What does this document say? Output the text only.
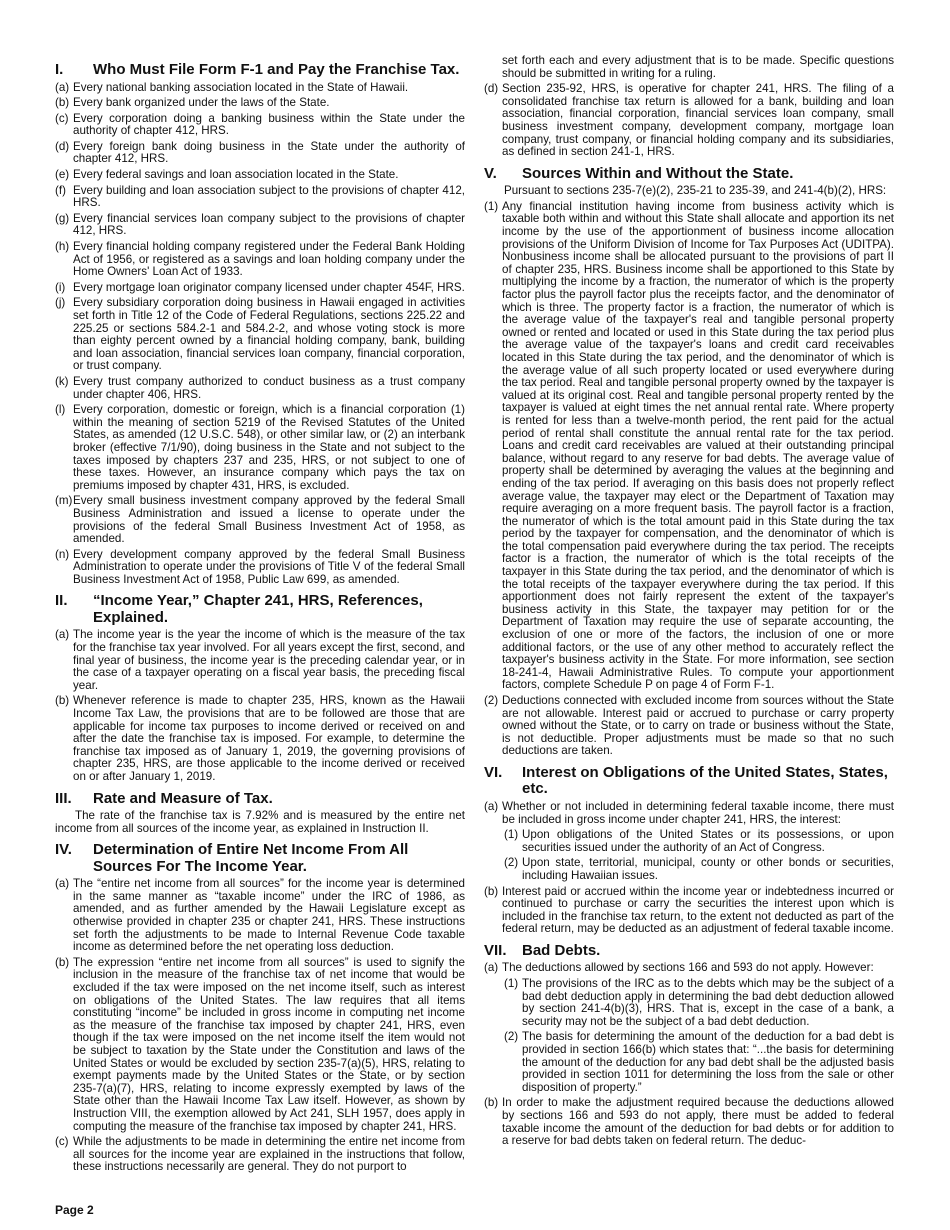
I.	Who Must File Form F-1 and Pay the Franchise Tax.
(a) Every national banking association located in the State of Hawaii.
(b) Every bank organized under the laws of the State.
(c) Every corporation doing a banking business within the State under the authority of chapter 412, HRS.
(d) Every foreign bank doing business in the State under the authority of chapter 412, HRS.
(e) Every federal savings and loan association located in the State.
(f) Every building and loan association subject to the provisions of chapter 412, HRS.
(g) Every financial services loan company subject to the provisions of chapter 412, HRS.
(h) Every financial holding company registered under the Federal Bank Holding Act of 1956, or registered as a savings and loan holding company under the Home Owners' Loan Act of 1933.
(i) Every mortgage loan originator company licensed under chapter 454F, HRS.
(j) Every subsidiary corporation doing business in Hawaii engaged in activities set forth in Title 12 of the Code of Federal Regulations, sections 225.22 and 225.25 or sections 584.2-1 and 584.2-2, and whose voting stock is more than eighty percent owned by a financial holding company, bank, building and loan association, financial services loan company, financial corporation, or trust company.
(k) Every trust company authorized to conduct business as a trust company under chapter 406, HRS.
(l) Every corporation, domestic or foreign, which is a financial corporation (1) within the meaning of section 5219 of the Revised Statutes of the United States, as amended (12 U.S.C. 548), or other similar law, or (2) an interbank broker (effective 7/1/90), doing business in the State and not subject to the taxes imposed by chapters 237 and 235, HRS, or not subject to one of these taxes. However, an insurance company which pays the tax on premiums imposed by chapter 431, HRS, is excluded.
(m) Every small business investment company approved by the federal Small Business Administration and issued a license to operate under the provisions of the federal Small Business Investment Act of 1958, as amended.
(n) Every development company approved by the federal Small Business Administration to operate under the provisions of Title V of the federal Small Business Investment Act of 1958, Public Law 699, as amended.
II.	“Income Year,” Chapter 241, HRS, References, Explained.
(a) The income year is the year the income of which is the measure of the tax for the franchise tax year involved. For all years except the first, second, and final year of business, the income year is the preceding calendar year, or in the case of a taxpayer operating on a fiscal year basis, the preceding fiscal year.
(b) Whenever reference is made to chapter 235, HRS, known as the Hawaii Income Tax Law, the provisions that are to be followed are those that are applicable for income tax purposes to income derived or received on and after the date the franchise tax is imposed. For example, to determine the franchise tax imposed as of January 1, 2019, the governing provisions of chapter 235, HRS, are those applicable to the income derived or received on or after January 1, 2019.
III.	Rate and Measure of Tax.

The rate of the franchise tax is 7.92% and is measured by the entire net income from all sources of the income year, as explained in Instruction II.

IV.	Determination of Entire Net Income From All Sources For The Income Year.
(a) The “entire net income from all sources” for the income year is determined in the same manner as “taxable income” under the IRC of 1986, as amended, and as further amended by the Hawaii Legislature except as otherwise provided in chapter 235 or chapter 241, HRS. These instructions set forth the adjustments to be made to Internal Revenue Code taxable income as determined before the net operating loss deduction.
(b) The expression “entire net income from all sources” is used to signify the inclusion in the measure of the franchise tax of net income that would be excluded if the tax were imposed on the net income itself, such as interest on obligations of the United States. The law requires that all items constituting “income” be included in gross income in computing net income as the measure of the franchise tax imposed by chapter 241, HRS, even though if the tax were imposed on the net income itself the item would not be subject to taxation by the State under the Constitution and laws of the United States or would be excluded by section 235-7(a)(5), HRS, relating to exempt payments made by the United States or the State, or by section 235-7(a)(7), HRS, relating to income expressly exempted by laws of the State other than the Hawaii Income Tax Law itself. However, as shown by Instruction VIII, the exemption allowed by Act 241, SLH 1957, does apply in computing the measure of the franchise tax imposed by chapter 241, HRS.
(c) While the adjustments to be made in determining the entire net income from all sources for the income year are explained in the instructions that follow, these instructions necessarily are general. They do not purport to

set forth each and every adjustment that is to be made. Specific questions should be submitted in writing for a ruling.

(d) Section 235-92, HRS, is operative for chapter 241, HRS. The filing of a consolidated franchise tax return is allowed for a bank, building and loan association, financial corporation, financial services loan company, small business investment company, development company, mortgage loan company, trust company, or financial holding company and its subsidiaries, as defined in section 241-1, HRS.
V.	Sources Within and Without the State.

Pursuant to sections 235-7(e)(2), 235-21 to 235-39, and 241-4(b)(2), HRS:

(1) Any financial institution having income from business activity which is taxable both within and without this State shall allocate and apportion its net income by the use of the apportionment of business income allocation provisions of the Uniform Division of Income for Tax Purposes Act (UDITPA). Nonbusiness income shall be allocated pursuant to the provisions of part II of chapter 235, HRS. Business income shall be apportioned to this State by multiplying the income by a fraction, the numerator of which is the property factor plus the payroll factor plus the receipts factor, and the denominator of which is three. The property factor is a fraction, the numerator of which is the average value of the taxpayer's real and tangible personal property owned or rented and located or used in this State during the tax period plus the average value of the taxpayer's loans and credit card receivables located in this State during the tax period, and the denominator of which is the average value of all such property located or used everywhere during the tax period. Real and tangible personal property owned by the taxpayer is valued at its original cost. Real and tangible personal property rented by the taxpayer is valued at eight times the net annual rental rate. Where property is rented for less than a twelve-month period, the rent paid for the actual period of rental shall constitute the annual rental rate for the tax period. Loans and credit card receivables are valued at their outstanding principal balance, without regard to any reserve for bad debts. The average value of property shall be determined by averaging the values at the beginning and ending of the tax period. If averaging on this basis does not properly reflect average value, the taxpayer may elect or the Department of Taxation may require averaging on a more frequent basis. The payroll factor is a fraction, the numerator of which is the total amount paid in this State during the tax period by the taxpayer for compensation, and the denominator of which is the total compensation paid everywhere during the tax period. The receipts factor is a fraction, the numerator of which is the total receipts of the taxpayer in this State during the tax period, and the denominator of which is the total receipts of the taxpayer everywhere during the tax period. If this apportionment does not fairly represent the extent of the taxpayer's business activity in this State, the taxpayer may petition for or the Department of Taxation may require the use of separate accounting, the exclusion of one or more of the factors, the inclusion of one or more additional factors, or the use of any other method to accurately reflect the taxpayer's business activity in the State. For more information, see section 18-241-4, Hawaii Administrative Rules. To compute your apportionment factors, complete Schedule P on page 4 of Form F-1.
(2) Deductions connected with excluded income from sources without the State are not allowable. Interest paid or accrued to purchase or carry property owned without the State, or to carry on trade or business without the State, is not deductible. Proper adjustments must be made so that no such deductions are taken.
VI.	Interest on Obligations of the United States, States, etc.
(a) Whether or not included in determining federal taxable income, there must be included in gross income under chapter 241, HRS, the interest:
(1) Upon obligations of the United States or its possessions, or upon securities issued under the authority of an Act of Congress.
(2) Upon state, territorial, municipal, county or other bonds or securities, including Hawaiian issues.
(b) Interest paid or accrued within the income year or indebtedness incurred or continued to purchase or carry the securities the interest upon which is included in the franchise tax return, to the extent not deducted as part of the federal return, may be deducted as an adjustment of federal taxable income.
VII.	Bad Debts.
(a) The deductions allowed by sections 166 and 593 do not apply. However:
(1) The provisions of the IRC as to the debts which may be the subject of a bad debt deduction apply in determining the bad debt deduction allowed by section 241-4(b)(3), HRS. That is, except in the case of a bank, a security may not be the subject of a bad debt deduction.
(2) The basis for determining the amount of the deduction for a bad debt is provided in section 166(b) which states that: “...the basis for determining the amount of the deduction for any bad debt shall be the adjusted basis provided in section 1011 for determining the loss from the sale or other disposition of property.”
(b) In order to make the adjustment required because the deductions allowed by sections 166 and 593 do not apply, there must be added to federal taxable income the amount of the deduction for bad debts or for addition to a reserve for bad debts taken on federal return. The deduc-
Page 2
